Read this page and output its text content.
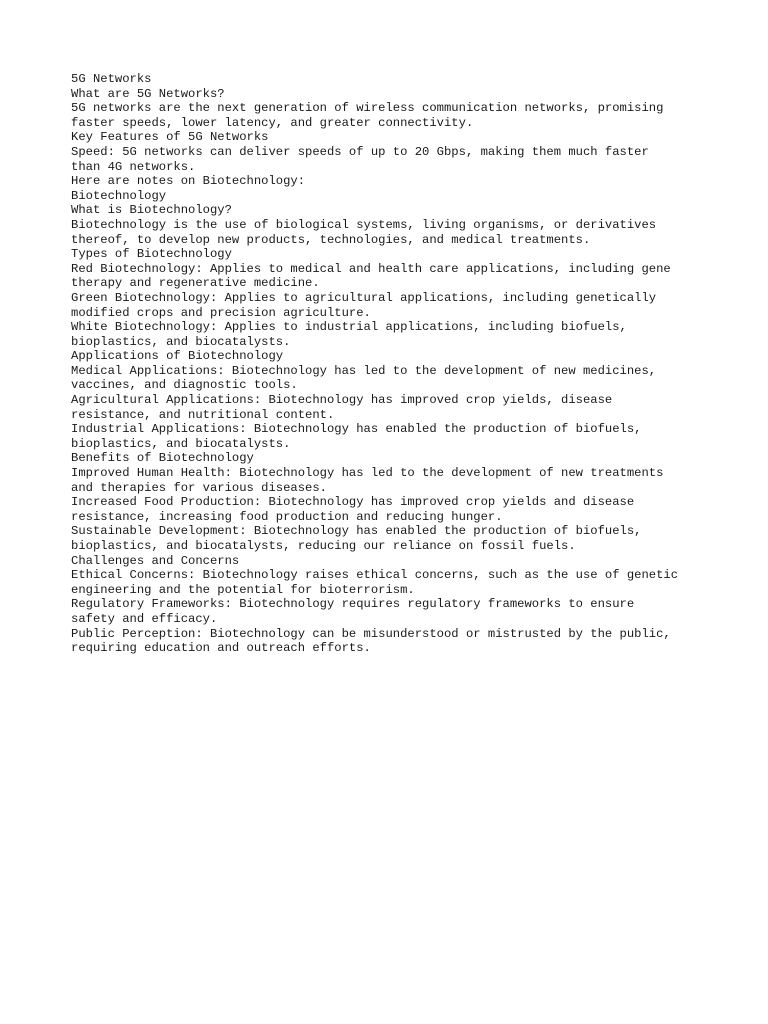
5G Networks
What are 5G Networks?
5G networks are the next generation of wireless communication networks, promising
faster speeds, lower latency, and greater connectivity.
Key Features of 5G Networks
Speed: 5G networks can deliver speeds of up to 20 Gbps, making them much faster
than 4G networks.
Here are notes on Biotechnology:
Biotechnology
What is Biotechnology?
Biotechnology is the use of biological systems, living organisms, or derivatives
thereof, to develop new products, technologies, and medical treatments.
Types of Biotechnology
Red Biotechnology: Applies to medical and health care applications, including gene
therapy and regenerative medicine.
Green Biotechnology: Applies to agricultural applications, including genetically
modified crops and precision agriculture.
White Biotechnology: Applies to industrial applications, including biofuels,
bioplastics, and biocatalysts.
Applications of Biotechnology
Medical Applications: Biotechnology has led to the development of new medicines,
vaccines, and diagnostic tools.
Agricultural Applications: Biotechnology has improved crop yields, disease
resistance, and nutritional content.
Industrial Applications: Biotechnology has enabled the production of biofuels,
bioplastics, and biocatalysts.
Benefits of Biotechnology
Improved Human Health: Biotechnology has led to the development of new treatments
and therapies for various diseases.
Increased Food Production: Biotechnology has improved crop yields and disease
resistance, increasing food production and reducing hunger.
Sustainable Development: Biotechnology has enabled the production of biofuels,
bioplastics, and biocatalysts, reducing our reliance on fossil fuels.
Challenges and Concerns
Ethical Concerns: Biotechnology raises ethical concerns, such as the use of genetic
engineering and the potential for bioterrorism.
Regulatory Frameworks: Biotechnology requires regulatory frameworks to ensure
safety and efficacy.
Public Perception: Biotechnology can be misunderstood or mistrusted by the public,
requiring education and outreach efforts.
